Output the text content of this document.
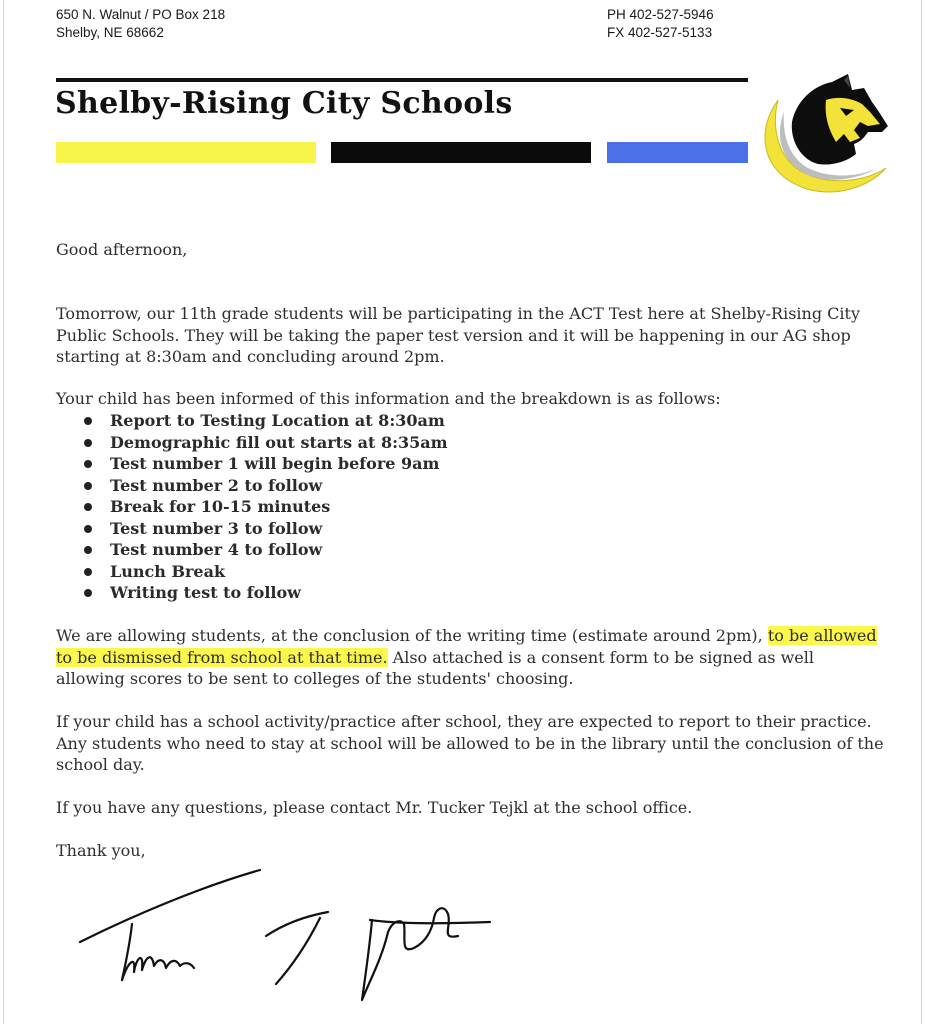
650 N. Walnut / PO Box 218
Shelby, NE 68662
PH 402-527-5946
FX 402-527-5133
Shelby-Rising City Schools

Good afternoon,

Tomorrow, our 11th grade students will be participating in the ACT Test here at Shelby-Rising City Public Schools. They will be taking the paper test version and it will be happening in our AG shop starting at 8:30am and concluding around 2pm.

Your child has been informed of this information and the breakdown is as follows:

Report to Testing Location at 8:30am
Demographic fill out starts at 8:35am
Test number 1 will begin before 9am
Test number 2 to follow
Break for 10-15 minutes
Test number 3 to follow
Test number 4 to follow
Lunch Break
Writing test to follow

We are allowing students, at the conclusion of the writing time (estimate around 2pm), to be allowed to be dismissed from school at that time. Also attached is a consent form to be signed as well allowing scores to be sent to colleges of the students' choosing.

If your child has a school activity/practice after school, they are expected to report to their practice. Any students who need to stay at school will be allowed to be in the library until the conclusion of the school day.

If you have any questions, please contact Mr. Tucker Tejkl at the school office.

Thank you,
